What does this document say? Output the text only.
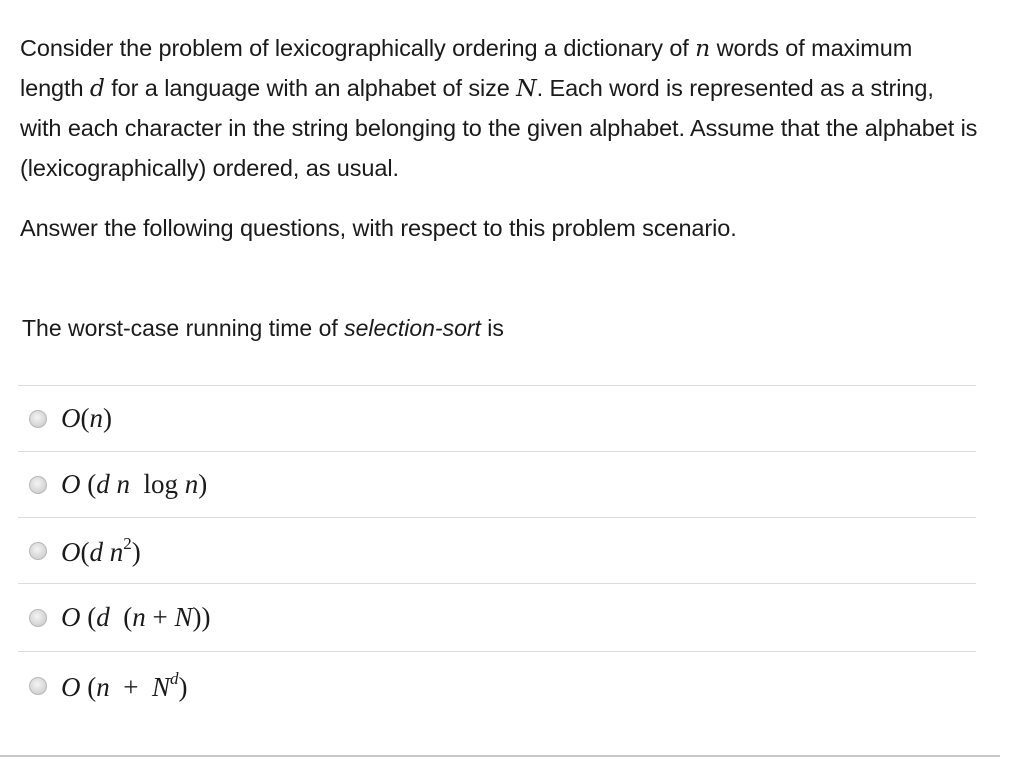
Consider the problem of lexicographically ordering a dictionary of n words of maximum length d for a language with an alphabet of size N. Each word is represented as a string, with each character in the string belonging to the given alphabet. Assume that the alphabet is (lexicographically) ordered, as usual.

Answer the following questions, with respect to this problem scenario.

The worst-case running time of selection-sort is
O(n)
O (d n  log n)
O(d $n^2$)
O (d  (n + N))
O $(n + N^d)$
